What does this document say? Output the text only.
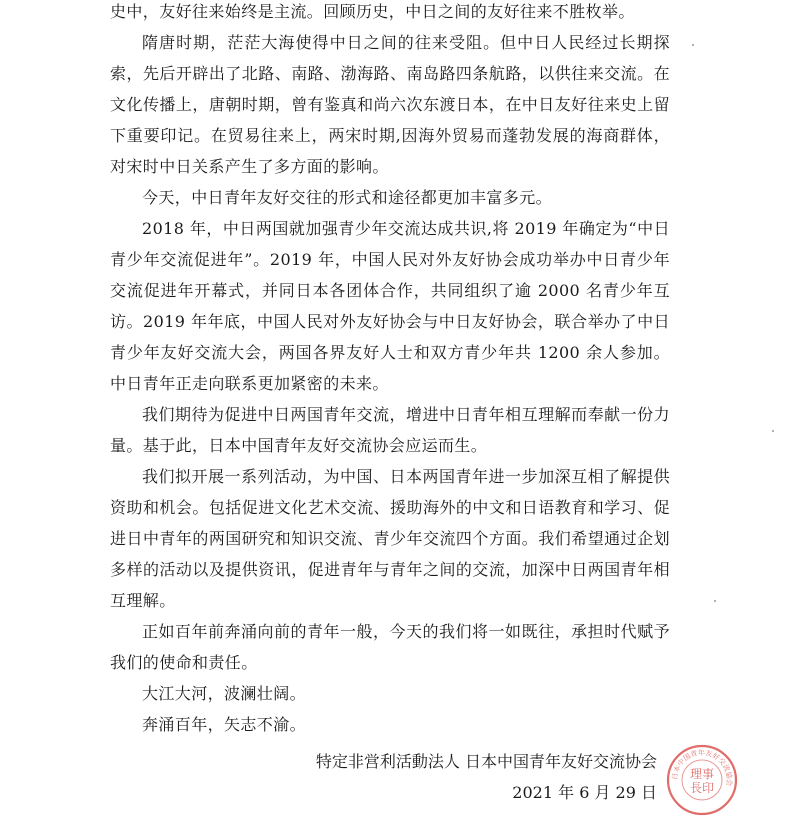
史中，友好往来始终是主流。回顾历史，中日之间的友好往来不胜枚举。

隋唐时期，茫茫大海使得中日之间的往来受阻。但中日人民经过长期探索，先后开辟出了北路、南路、渤海路、南岛路四条航路，以供往来交流。在文化传播上，唐朝时期，曾有鉴真和尚六次东渡日本，在中日友好往来史上留下重要印记。在贸易往来上，两宋时期,因海外贸易而蓬勃发展的海商群体，对宋时中日关系产生了多方面的影响。

今天，中日青年友好交往的形式和途径都更加丰富多元。

2018 年，中日两国就加强青少年交流达成共识,将 2019 年确定为“中日青少年交流促进年”。2019 年，中国人民对外友好协会成功举办中日青少年交流促进年开幕式，并同日本各团体合作，共同组织了逾 2000 名青少年互访。2019 年年底，中国人民对外友好协会与中日友好协会，联合举办了中日青少年友好交流大会，两国各界友好人士和双方青少年共 1200 余人参加。中日青年正走向联系更加紧密的未来。

我们期待为促进中日两国青年交流，增进中日青年相互理解而奉献一份力量。基于此，日本中国青年友好交流协会应运而生。

我们拟开展一系列活动，为中国、日本两国青年进一步加深互相了解提供资助和机会。包括促进文化艺术交流、援助海外的中文和日语教育和学习、促进日中青年的两国研究和知识交流、青少年交流四个方面。我们希望通过企划多样的活动以及提供资讯，促进青年与青年之间的交流，加深中日两国青年相互理解。

正如百年前奔涌向前的青年一般，今天的我们将一如既往，承担时代赋予我们的使命和责任。

大江大河，波澜壮阔。

奔涌百年，矢志不渝。

特定非営利活動法人 日本中国青年友好交流协会
2021 年 6 月 29 日
日本中国青年友好交流協会
理事
長印
